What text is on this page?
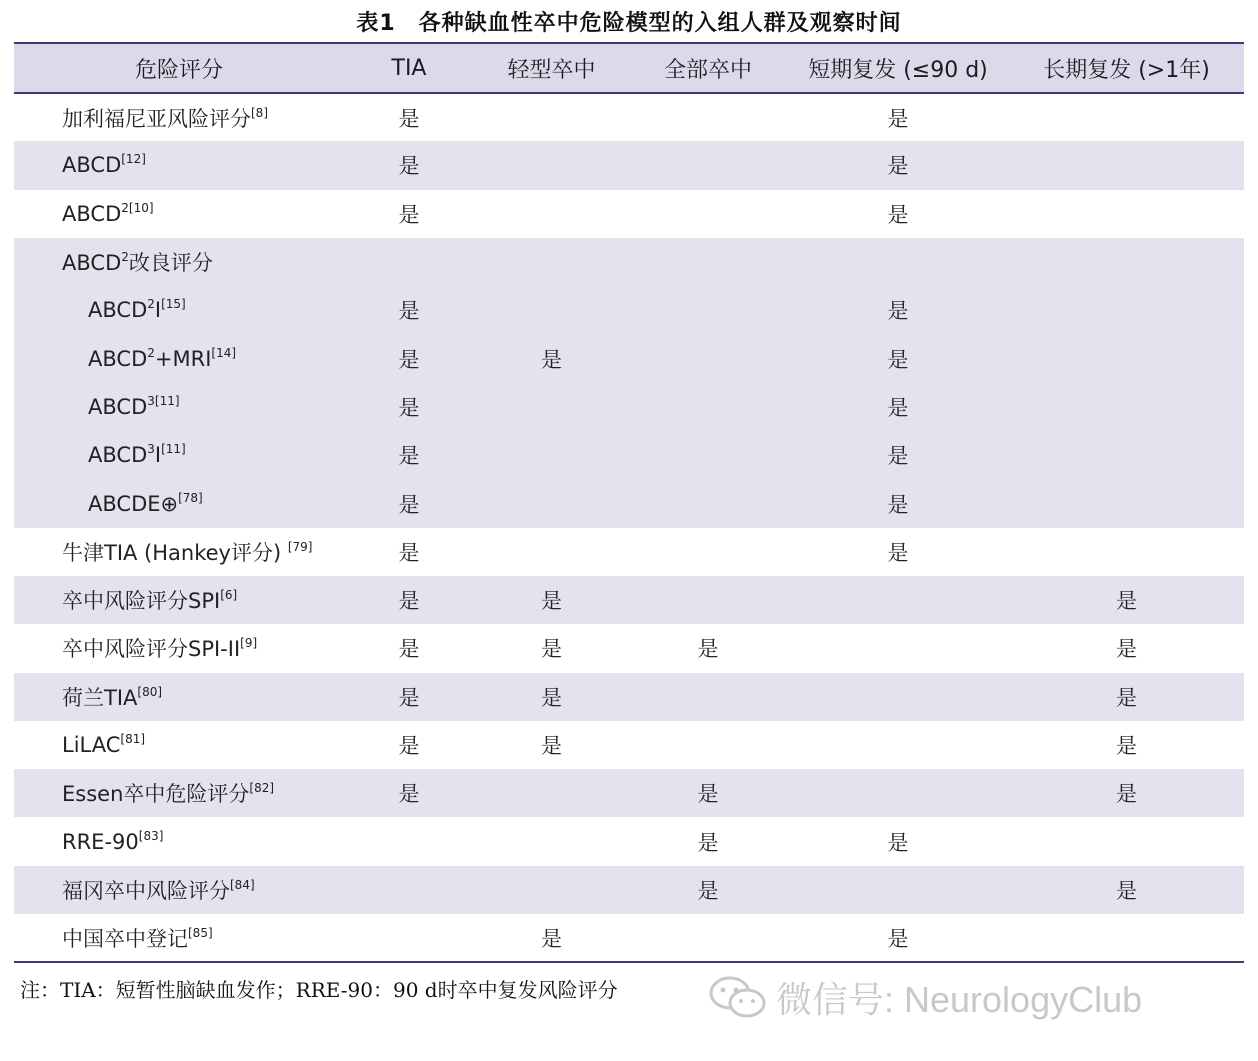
表1　各种缺血性卒中危险模型的入组人群及观察时间
危险评分	TIA	轻型卒中	全部卒中	短期复发 (≤90 d)	长期复发 (>1年)
加利福尼亚风险评分[8]	是			是	
ABCD[12]	是			是	
$ABCD^{2[10]}$	是			是	
ABCD$^2$改良评分					
ABCD$^2$I[15]	是			是	
$ABCD^2+MRI[14]$	是	是		是	
$ABCD^{3[11]}$	是			是	
ABCD$^3$I[11]	是			是	
ABCDE⊕[78]	是			是	
牛津TIA (Hankey评分) [79]	是			是	
卒中风险评分SPI[6]	是	是			是
卒中风险评分SPI-II[9]	是	是	是		是
荷兰TIA[80]	是	是			是
LiLAC[81]	是	是			是
Essen卒中危险评分[82]	是		是		是
RRE-90[83]			是	是	
福冈卒中风险评分[84]			是		是
中国卒中登记[85]		是		是	
注：TIA：短暂性脑缺血发作；RRE-90：90 d时卒中复发风险评分	微信号: NeurologyClub
